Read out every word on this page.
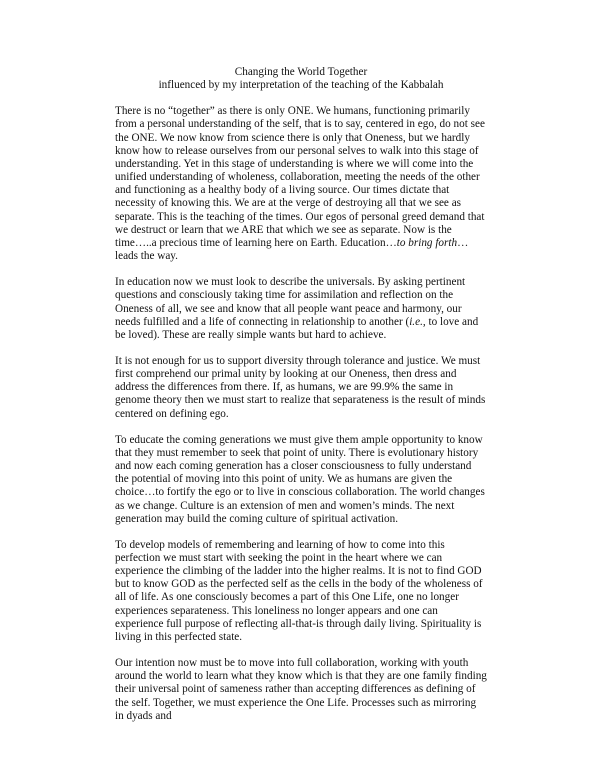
Changing the World Together
influenced by my interpretation of the teaching of the Kabbalah

There is no “together” as there is only ONE. We humans, functioning primarily from a personal understanding of the self, that is to say, centered in ego, do not see the ONE. We now know from science there is only that Oneness, but we hardly know how to release ourselves from our personal selves to walk into this stage of understanding. Yet in this stage of understanding is where we will come into the unified understanding of wholeness, collaboration, meeting the needs of the other and functioning as a healthy body of a living source. Our times dictate that necessity of knowing this. We are at the verge of destroying all that we see as separate. This is the teaching of the times. Our egos of personal greed demand that we destruct or learn that we ARE that which we see as separate. Now is the time…..a precious time of learning here on Earth. Education…to bring forth…leads the way.

In education now we must look to describe the universals. By asking pertinent questions and consciously taking time for assimilation and reflection on the Oneness of all, we see and know that all people want peace and harmony, our needs fulfilled and a life of connecting in relationship to another (i.e., to love and be loved). These are really simple wants but hard to achieve.

It is not enough for us to support diversity through tolerance and justice. We must first comprehend our primal unity by looking at our Oneness, then dress and address the differences from there. If, as humans, we are 99.9% the same in genome theory then we must start to realize that separateness is the result of minds centered on defining ego.

To educate the coming generations we must give them ample opportunity to know that they must remember to seek that point of unity. There is evolutionary history and now each coming generation has a closer consciousness to fully understand the potential of moving into this point of unity. We as humans are given the choice…to fortify the ego or to live in conscious collaboration. The world changes as we change. Culture is an extension of men and women’s minds. The next generation may build the coming culture of spiritual activation.

To develop models of remembering and learning of how to come into this perfection we must start with seeking the point in the heart where we can experience the climbing of the ladder into the higher realms. It is not to find GOD but to know GOD as the perfected self as the cells in the body of the wholeness of all of life. As one consciously becomes a part of this One Life, one no longer experiences separateness. This loneliness no longer appears and one can experience full purpose of reflecting all-that-is through daily living. Spirituality is living in this perfected state.

Our intention now must be to move into full collaboration, working with youth around the world to learn what they know which is that they are one family finding their universal point of sameness rather than accepting differences as defining of the self. Together, we must experience the One Life. Processes such as mirroring in dyads and
